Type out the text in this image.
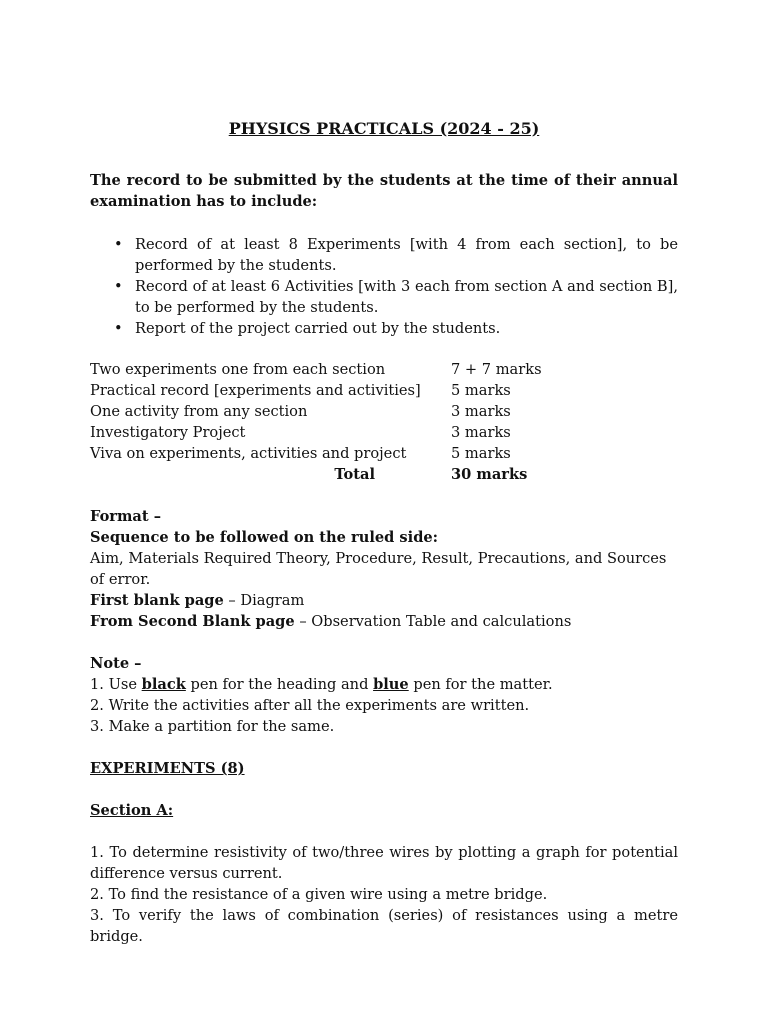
PHYSICS PRACTICALS (2024 - 25)
The record to be submitted by the students at the time of their annual examination has to include:
• Record of at least 8 Experiments [with 4 from each section], to be performed by the students.
• Record of at least 6 Activities [with 3 each from section A and section B], to be performed by the students.
• Report of the project carried out by the students.
Two experiments one from each section	7 + 7 marks
Practical record [experiments and activities]	5 marks
One activity from any section	3 marks
Investigatory Project	3 marks
Viva on experiments, activities and project	5 marks
Total	30 marks
Format –
Sequence to be followed on the ruled side:
Aim, Materials Required Theory, Procedure, Result, Precautions, and Sources of error.
First blank page – Diagram
From Second Blank page – Observation Table and calculations
Note –
1. Use black pen for the heading and blue pen for the matter.
2. Write the activities after all the experiments are written.
3. Make a partition for the same.
EXPERIMENTS (8)
Section A:
1. To determine resistivity of two/three wires by plotting a graph for potential difference versus current.
2. To find the resistance of a given wire using a metre bridge.
3. To verify the laws of combination (series) of resistances using a metre bridge.
